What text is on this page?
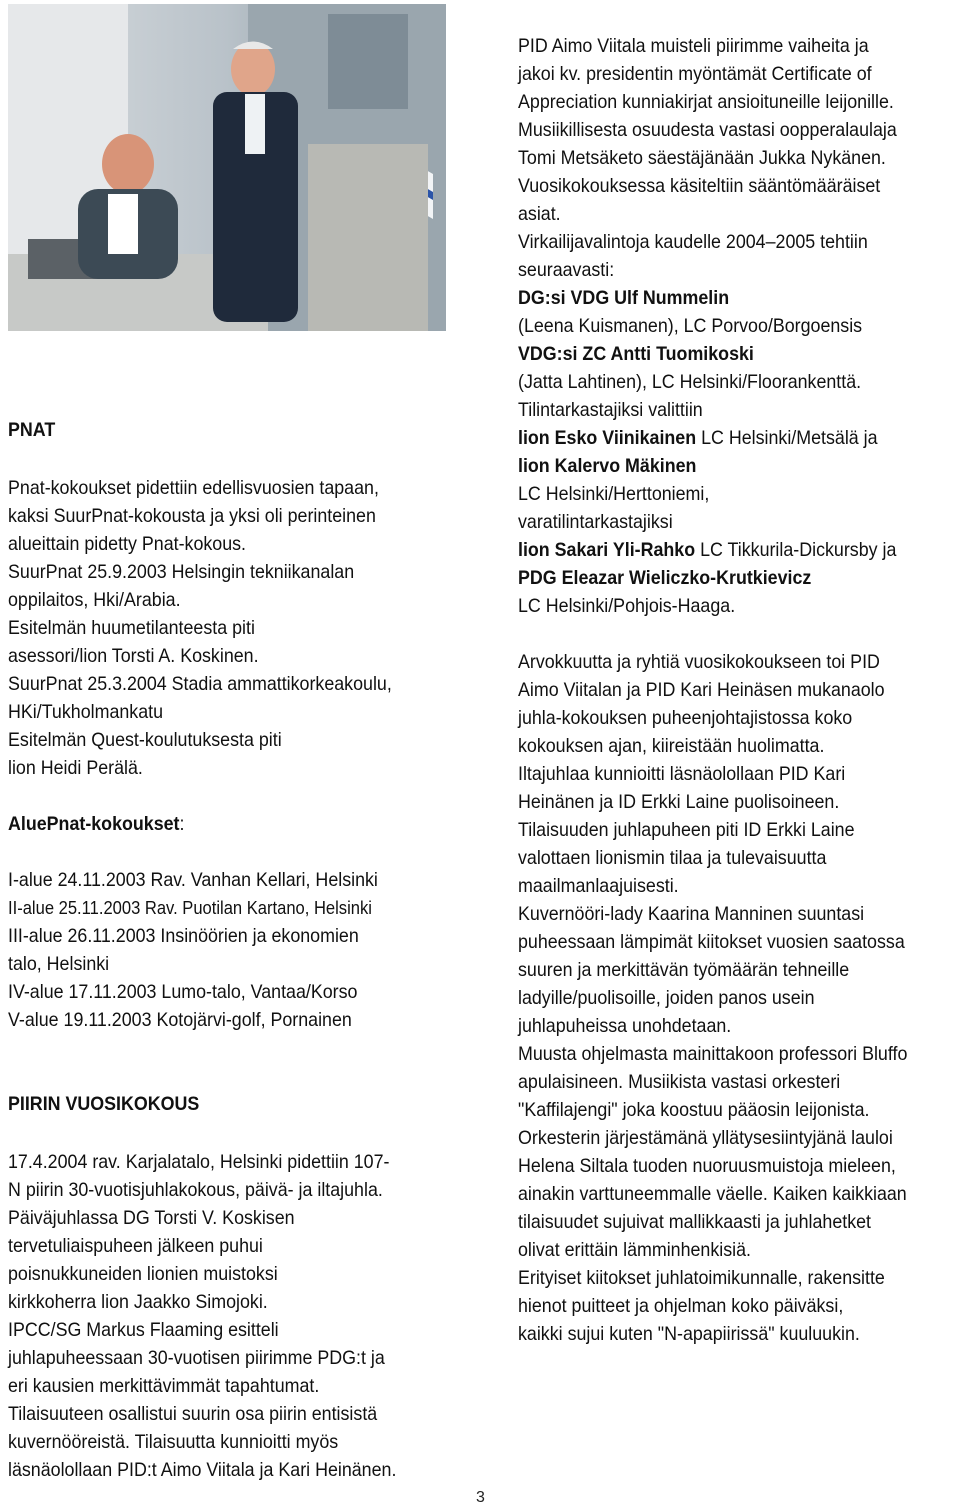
PNAT
Pnat-kokoukset pidettiin edellisvuosien tapaan,
kaksi SuurPnat-kokousta ja yksi oli perinteinen
alueittain pidetty Pnat-kokous.
SuurPnat 25.9.2003 Helsingin tekniikanalan
oppilaitos, Hki/Arabia.
Esitelmän huumetilanteesta piti
asessori/lion Torsti A. Koskinen.
SuurPnat 25.3.2004 Stadia ammattikorkeakoulu,
HKi/Tukholmankatu
Esitelmän Quest-koulutuksesta piti
lion Heidi Perälä.
AluePnat-kokoukset:
I-alue 24.11.2003 Rav. Vanhan Kellari, Helsinki
II-alue 25.11.2003 Rav. Puotilan Kartano, Helsinki
III-alue 26.11.2003 Insinöörien ja ekonomien
talo, Helsinki
IV-alue 17.11.2003 Lumo-talo, Vantaa/Korso
V-alue 19.11.2003 Kotojärvi-golf, Pornainen
PIIRIN VUOSIKOKOUS
17.4.2004 rav. Karjalatalo, Helsinki pidettiin 107-
N piirin 30-vuotisjuhlakokous, päivä- ja iltajuhla.
Päiväjuhlassa DG Torsti V. Koskisen
tervetuliaispuheen jälkeen puhui
poisnukkuneiden lionien muistoksi
kirkkoherra lion Jaakko Simojoki.
IPCC/SG Markus Flaaming esitteli
juhlapuheessaan 30-vuotisen piirimme PDG:t ja
eri kausien merkittävimmät tapahtumat.
Tilaisuuteen osallistui suurin osa piirin entisistä
kuvernööreistä. Tilaisuutta kunnioitti myös
läsnäolollaan PID:t Aimo Viitala ja Kari Heinänen.
PID Aimo Viitala muisteli piirimme vaiheita ja
jakoi kv. presidentin myöntämät Certificate of
Appreciation kunniakirjat ansioituneille leijonille.
Musiikillisesta osuudesta vastasi oopperalaulaja
Tomi Metsäketo säestäjänään Jukka Nykänen.
Vuosikokouksessa käsiteltiin sääntömääräiset
asiat.
Virkailijavalintoja kaudelle 2004–2005 tehtiin
seuraavasti:
DG:si VDG Ulf Nummelin
(Leena Kuismanen), LC Porvoo/Borgoensis
VDG:si ZC Antti Tuomikoski
(Jatta Lahtinen), LC Helsinki/Floorankenttä.
Tilintarkastajiksi valittiin
lion Esko Viinikainen LC Helsinki/Metsälä ja
lion Kalervo Mäkinen
LC Helsinki/Herttoniemi,
varatilintarkastajiksi
lion Sakari Yli-Rahko LC Tikkurila-Dickursby ja
PDG Eleazar Wieliczko-Krutkievicz
LC Helsinki/Pohjois-Haaga.
Arvokkuutta ja ryhtiä vuosikokoukseen toi PID
Aimo Viitalan ja PID Kari Heinäsen mukanaolo
juhla-kokouksen puheenjohtajistossa koko
kokouksen ajan, kiireistään huolimatta.
Iltajuhlaa kunnioitti läsnäolollaan PID Kari
Heinänen ja ID Erkki Laine puolisoineen.
Tilaisuuden juhlapuheen piti ID Erkki Laine
valottaen lionismin tilaa ja tulevaisuutta
maailmanlaajuisesti.
Kuvernööri-lady Kaarina Manninen suuntasi
puheessaan lämpimät kiitokset vuosien saatossa
suuren ja merkittävän työmäärän tehneille
ladyille/puolisoille, joiden panos usein
juhlapuheissa unohdetaan.
Muusta ohjelmasta mainittakoon professori Bluffo
apulaisineen. Musiikista vastasi orkesteri
"Kaffilajengi" joka koostuu pääosin leijonista.
Orkesterin järjestämänä yllätysesiintyjänä lauloi
Helena Siltala tuoden nuoruusmuistoja mieleen,
ainakin varttuneemmalle väelle. Kaiken kaikkiaan
tilaisuudet sujuivat mallikkaasti ja juhlahetket
olivat erittäin lämminhenkisiä.
Erityiset kiitokset juhlatoimikunnalle, rakensitte
hienot puitteet ja ohjelman koko päiväksi,
kaikki sujui kuten "N-apapiirissä" kuuluukin.
3
